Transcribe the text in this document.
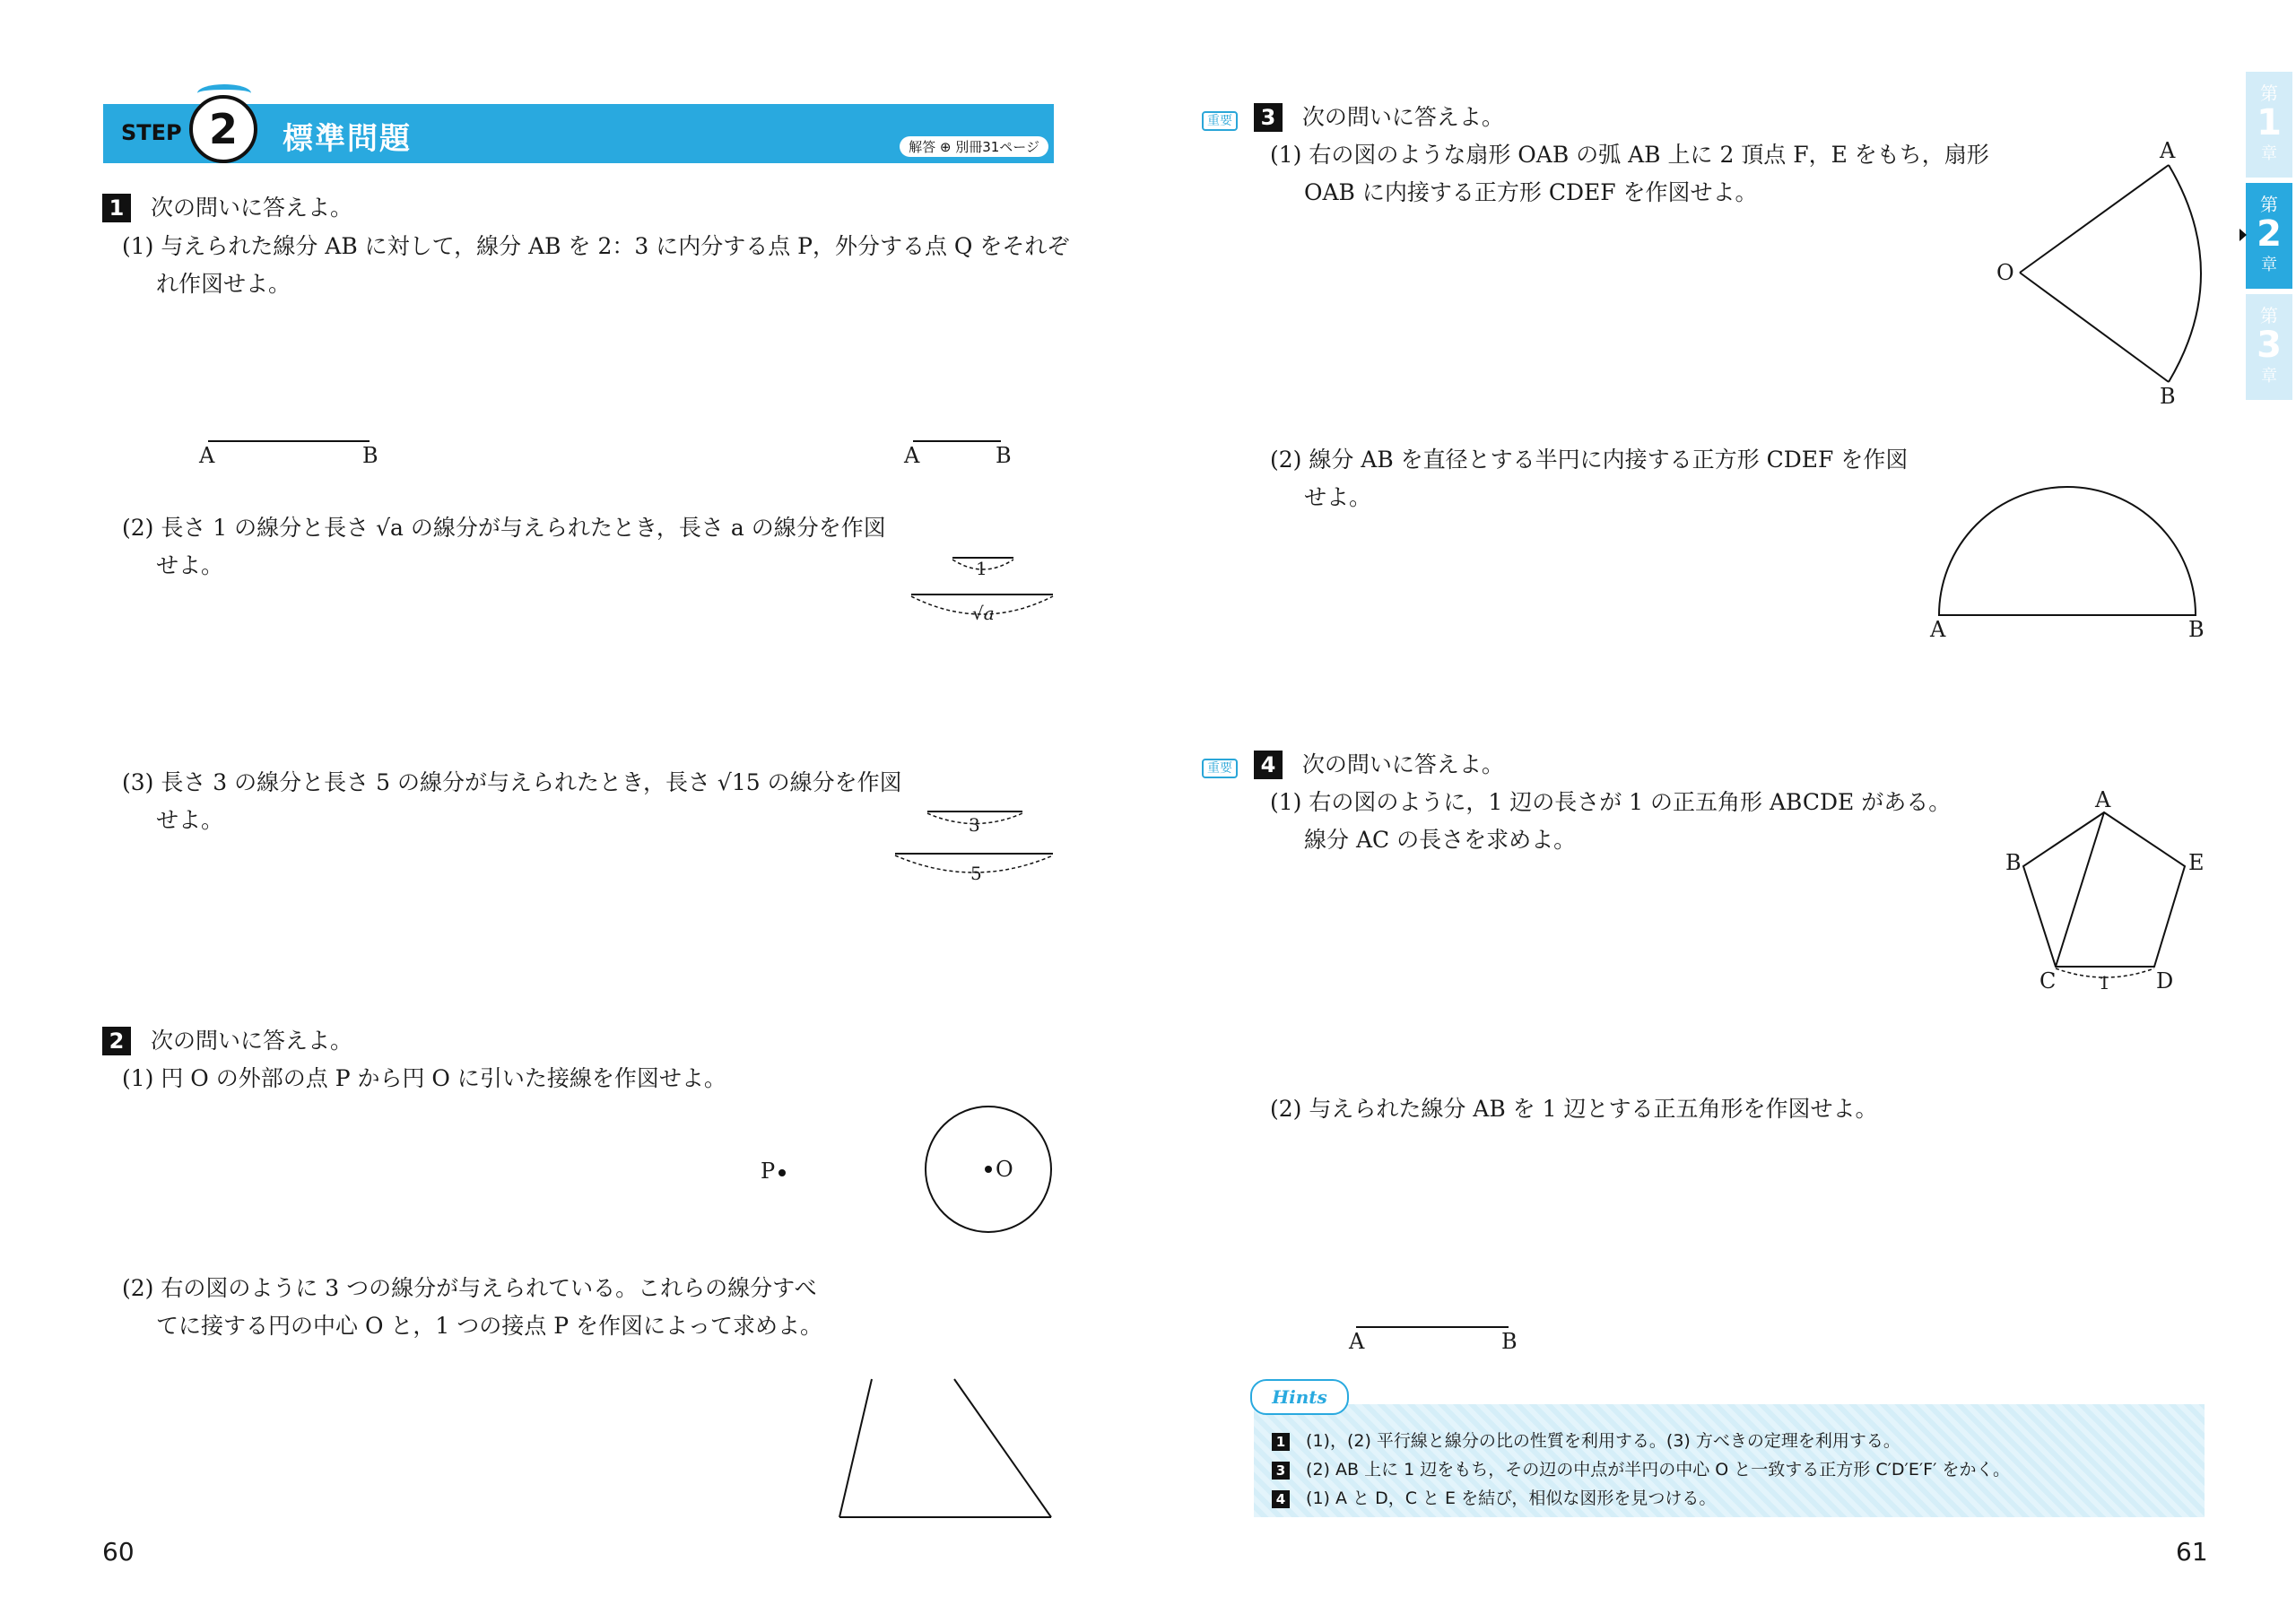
STEP	標準問題	解答 ⊕ 別冊31ページ
2
第
1
章
第
2
章
第
3
章
1 次の問いに答えよ。
(1) 与えられた線分 AB に対して，線分 AB を 2：3 に内分する点 P，外分する点 Q をそれぞ
れ作図せよ。
(2) 長さ 1 の線分と長さ √a の線分が与えられたとき，長さ a の線分を作図
せよ。
(3) 長さ 3 の線分と長さ 5 の線分が与えられたとき，長さ √15 の線分を作図
せよ。
2 次の問いに答えよ。
(1) 円 O の外部の点 P から円 O に引いた接線を作図せよ。
(2) 右の図のように 3 つの線分が与えられている。これらの線分すべ
てに接する円の中心 O と，1 つの接点 P を作図によって求めよ。
重要 3 次の問いに答えよ。
(1) 右の図のような扇形 OAB の弧 AB 上に 2 頂点 F，E をもち，扇形
OAB に内接する正方形 CDEF を作図せよ。
(2) 線分 AB を直径とする半円に内接する正方形 CDEF を作図
せよ。
重要 4 次の問いに答えよ。
(1) 右の図のように，1 辺の長さが 1 の正五角形 ABCDE がある。
線分 AC の長さを求めよ。
(2) 与えられた線分 AB を 1 辺とする正五角形を作図せよ。
A	B	A	B
1
√a
3
5
P	O
A
O
B
A	B
A
B	E
C	D
1
A	B
1 (1)，(2) 平行線と線分の比の性質を利用する。(3) 方べきの定理を利用する。
3 (2) AB 上に 1 辺をもち，その辺の中点が半円の中心 O と一致する正方形 C′D′E′F′ をかく。
4 (1) A と D，C と E を結び，相似な図形を見つける。
Hints
60	61
